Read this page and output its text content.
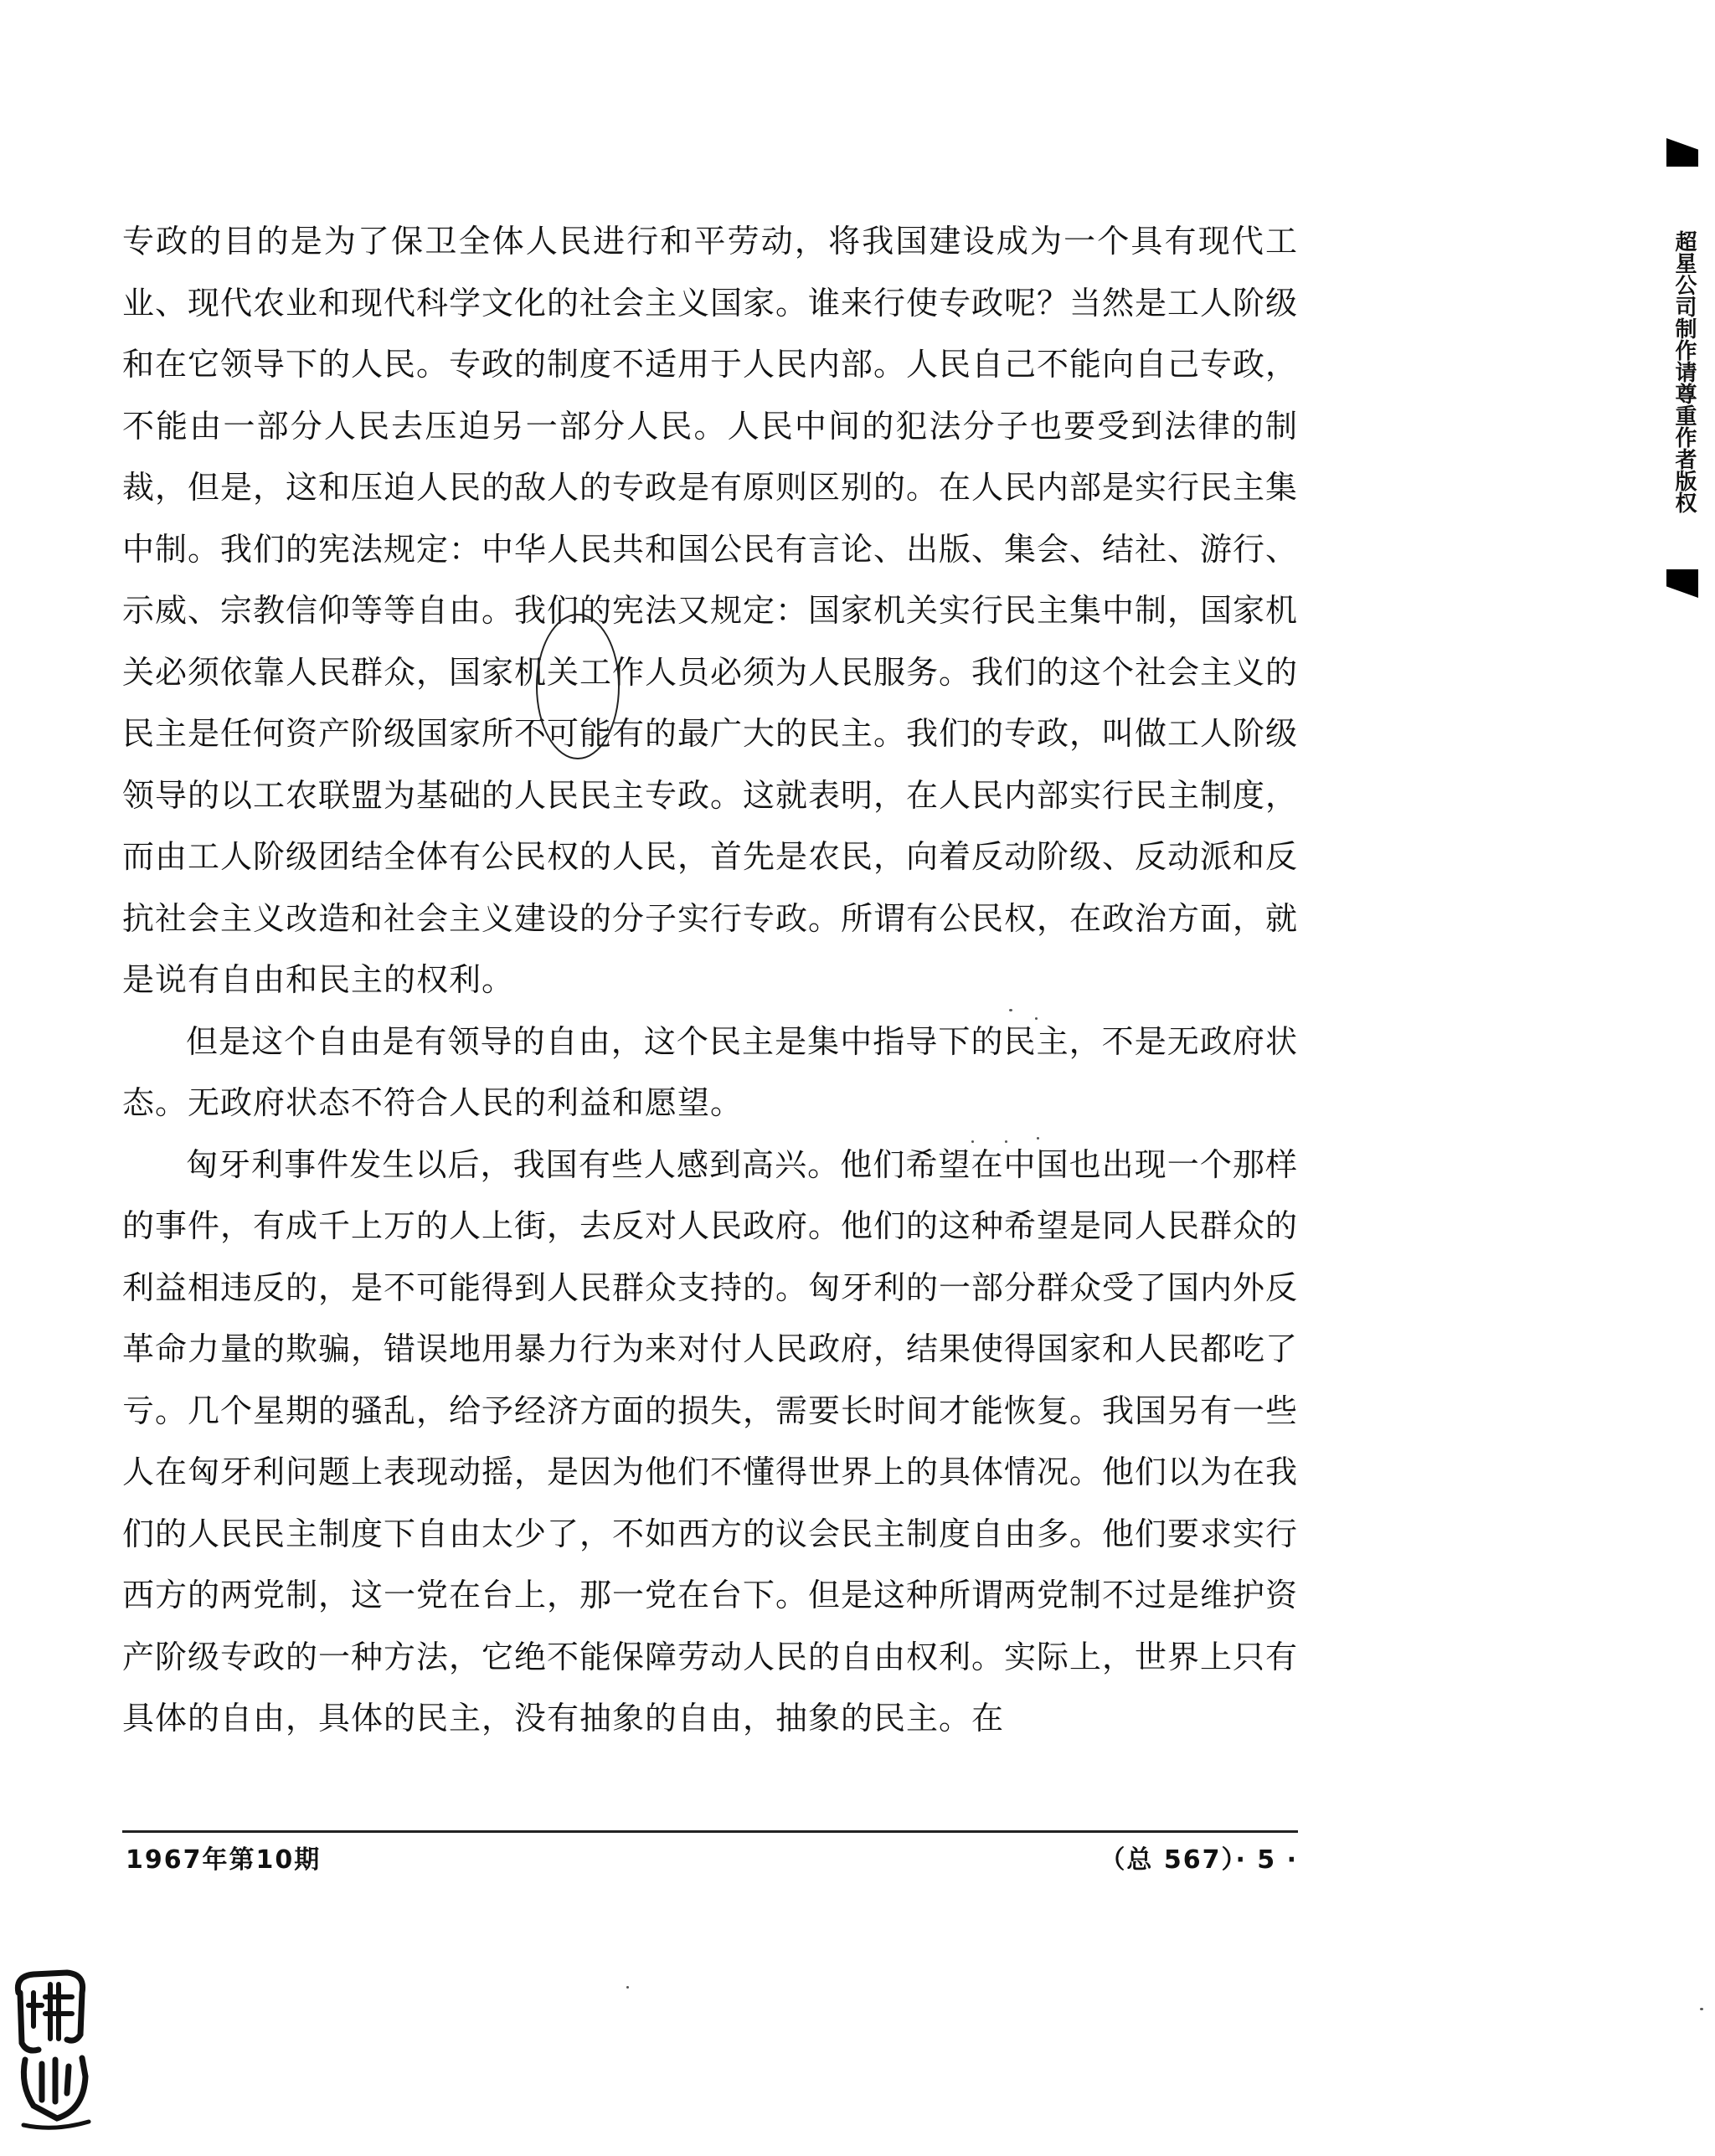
专政的目的是为了保卫全体人民进行和平劳动，将我国建设成为一个具有现代工业、现代农业和现代科学文化的社会主义国家。谁来行使专政呢？当然是工人阶级和在它领导下的人民。专政的制度不适用于人民内部。人民自己不能向自己专政，不能由一部分人民去压迫另一部分人民。人民中间的犯法分子也要受到法律的制裁，但是，这和压迫人民的敌人的专政是有原则区别的。在人民内部是实行民主集中制。我们的宪法规定：中华人民共和国公民有言论、出版、集会、结社、游行、示威、宗教信仰等等自由。我们的宪法又规定：国家机关实行民主集中制，国家机关必须依靠人民群众，国家机关工作人员必须为人民服务。我们的这个社会主义的民主是任何资产阶级国家所不可能有的最广大的民主。我们的专政，叫做工人阶级领导的以工农联盟为基础的人民民主专政。这就表明，在人民内部实行民主制度，而由工人阶级团结全体有公民权的人民，首先是农民，向着反动阶级、反动派和反抗社会主义改造和社会主义建设的分子实行专政。所谓有公民权，在政治方面，就是说有自由和民主的权利。

但是这个自由是有领导的自由，这个民主是集中指导下的民主，不是无政府状态。无政府状态不符合人民的利益和愿望。

匈牙利事件发生以后，我国有些人感到高兴。他们希望在中国也出现一个那样的事件，有成千上万的人上街，去反对人民政府。他们的这种希望是同人民群众的利益相违反的，是不可能得到人民群众支持的。匈牙利的一部分群众受了国内外反革命力量的欺骗，错误地用暴力行为来对付人民政府，结果使得国家和人民都吃了亏。几个星期的骚乱，给予经济方面的损失，需要长时间才能恢复。我国另有一些人在匈牙利问题上表现动摇，是因为他们不懂得世界上的具体情况。他们以为在我们的人民民主制度下自由太少了，不如西方的议会民主制度自由多。他们要求实行西方的两党制，这一党在台上，那一党在台下。但是这种所谓两党制不过是维护资产阶级专政的一种方法，它绝不能保障劳动人民的自由权利。实际上，世界上只有具体的自由，具体的民主，没有抽象的自由，抽象的民主。在

1967年第10期	（总 567）· 5 ·
超星公司制作请尊重作者版权
